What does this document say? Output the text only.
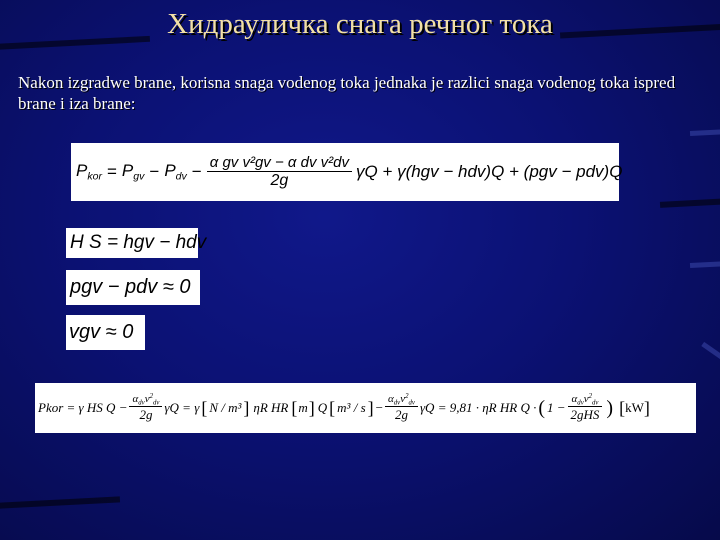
Хидрауличка снага речног тока
Nakon izgradwe brane, korisna snaga vodenog toka jednaka je razlici snaga vodenog toka ispred brane i iza brane:
$P_{kor} = P_{gv} - P_{dv} - \frac{\text{α gv v²gv − α dv v²dv}}{2g}$ γQ + γ(hgv − hdv)Q + (pgv − pdv)Q
H S = hgv − hdv
pgv − pdv ≈ 0
vgv ≈ 0
Pkor = γ HS $Q - \frac{\alpha_{dv}v^2_{dv}}{2g}$ γQ = γ [ N / m³ ] ηR HR [ m ] Q [ m³ / s ] − $\frac{\alpha_{dv}v^2_{dv}}{2g}$ γQ = 9,81 · ηR HR Q · ( $1 - \frac{\alpha_{dv}v^2_{dv}}{\text{2gHS}}$ ) [ kW ]
